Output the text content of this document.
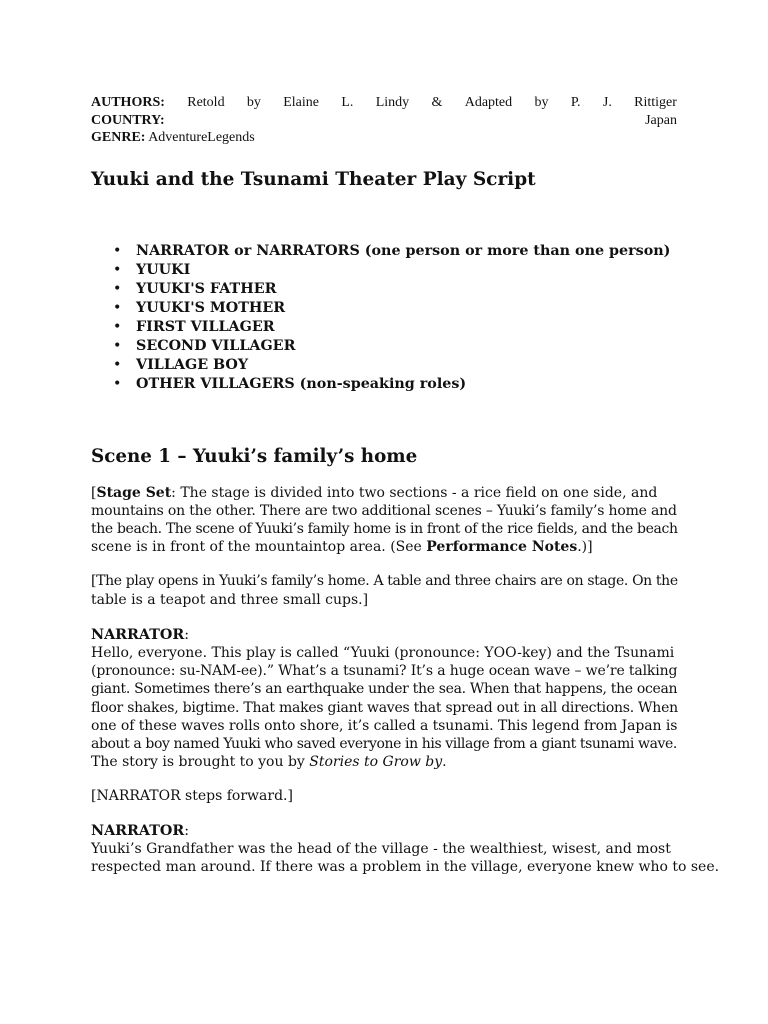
AUTHORS: Retold by Elaine L. Lindy & Adapted by P. J. Rittiger
COUNTRY:	Japan
GENRE: AdventureLegends
Yuuki and the Tsunami Theater Play Script
• NARRATOR or NARRATORS (one person or more than one person)
• YUUKI
• YUUKI'S FATHER
• YUUKI'S MOTHER
• FIRST VILLAGER
• SECOND VILLAGER
• VILLAGE BOY
• OTHER VILLAGERS (non-speaking roles)
Scene 1 – Yuuki’s family’s home
[Stage Set: The stage is divided into two sections - a rice field on one side, and
mountains on the other. There are two additional scenes – Yuuki’s family’s home and
the beach. The scene of Yuuki’s family home is in front of the rice fields, and the beach
scene is in front of the mountaintop area. (See Performance Notes.)]
[The play opens in Yuuki’s family’s home. A table and three chairs are on stage. On the
table is a teapot and three small cups.]
NARRATOR:
Hello, everyone. This play is called “Yuuki (pronounce: YOO-key) and the Tsunami
(pronounce: su-NAM-ee).” What’s a tsunami? It’s a huge ocean wave – we’re talking
giant. Sometimes there’s an earthquake under the sea. When that happens, the ocean
floor shakes, bigtime. That makes giant waves that spread out in all directions. When
one of these waves rolls onto shore, it’s called a tsunami. This legend from Japan is
about a boy named Yuuki who saved everyone in his village from a giant tsunami wave.
The story is brought to you by Stories to Grow by.
[NARRATOR steps forward.]
NARRATOR:
Yuuki’s Grandfather was the head of the village - the wealthiest, wisest, and most
respected man around. If there was a problem in the village, everyone knew who to see.
